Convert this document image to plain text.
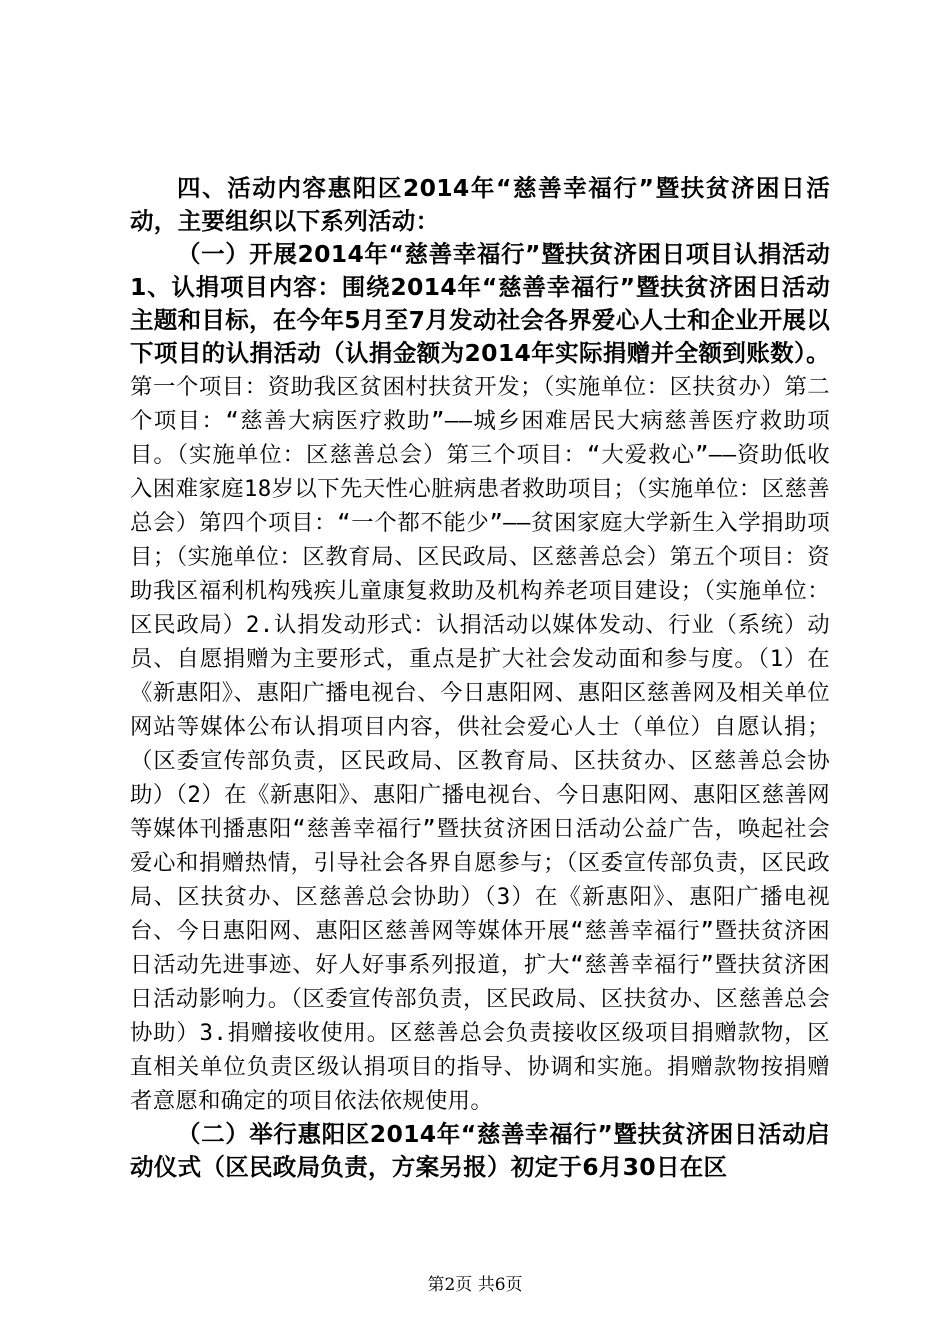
四、活动内容惠阳区2014年“慈善幸福行”暨扶贫济困日活动，主要组织以下系列活动：

（一）开展2014年“慈善幸福行”暨扶贫济困日项目认捐活动1、认捐项目内容：围绕2014年“慈善幸福行”暨扶贫济困日活动主题和目标，在今年5月至7月发动社会各界爱心人士和企业开展以下项目的认捐活动（认捐金额为2014年实际捐赠并全额到账数）。第一个项目：资助我区贫困村扶贫开发；（实施单位：区扶贫办）第二个项目：“慈善大病医疗救助”——城乡困难居民大病慈善医疗救助项目。（实施单位：区慈善总会）第三个项目：“大爱救心”——资助低收入困难家庭18岁以下先天性心脏病患者救助项目；（实施单位：区慈善总会）第四个项目：“一个都不能少”——贫困家庭大学新生入学捐助项目；（实施单位：区教育局、区民政局、区慈善总会）第五个项目：资助我区福利机构残疾儿童康复救助及机构养老项目建设；（实施单位：区民政局）2.认捐发动形式：认捐活动以媒体发动、行业（系统）动员、自愿捐赠为主要形式，重点是扩大社会发动面和参与度。（1）在《新惠阳》、惠阳广播电视台、今日惠阳网、惠阳区慈善网及相关单位网站等媒体公布认捐项目内容，供社会爱心人士（单位）自愿认捐；（区委宣传部负责，区民政局、区教育局、区扶贫办、区慈善总会协助）（2）在《新惠阳》、惠阳广播电视台、今日惠阳网、惠阳区慈善网等媒体刊播惠阳“慈善幸福行”暨扶贫济困日活动公益广告，唤起社会爱心和捐赠热情，引导社会各界自愿参与；（区委宣传部负责，区民政局、区扶贫办、区慈善总会协助）（3）在《新惠阳》、惠阳广播电视台、今日惠阳网、惠阳区慈善网等媒体开展“慈善幸福行”暨扶贫济困日活动先进事迹、好人好事系列报道，扩大“慈善幸福行”暨扶贫济困日活动影响力。（区委宣传部负责，区民政局、区扶贫办、区慈善总会协助）3.捐赠接收使用。区慈善总会负责接收区级项目捐赠款物，区直相关单位负责区级认捐项目的指导、协调和实施。捐赠款物按捐赠者意愿和确定的项目依法依规使用。

（二）举行惠阳区2014年“慈善幸福行”暨扶贫济困日活动启动仪式（区民政局负责，方案另报）初定于6月30日在区

第2页 共6页
